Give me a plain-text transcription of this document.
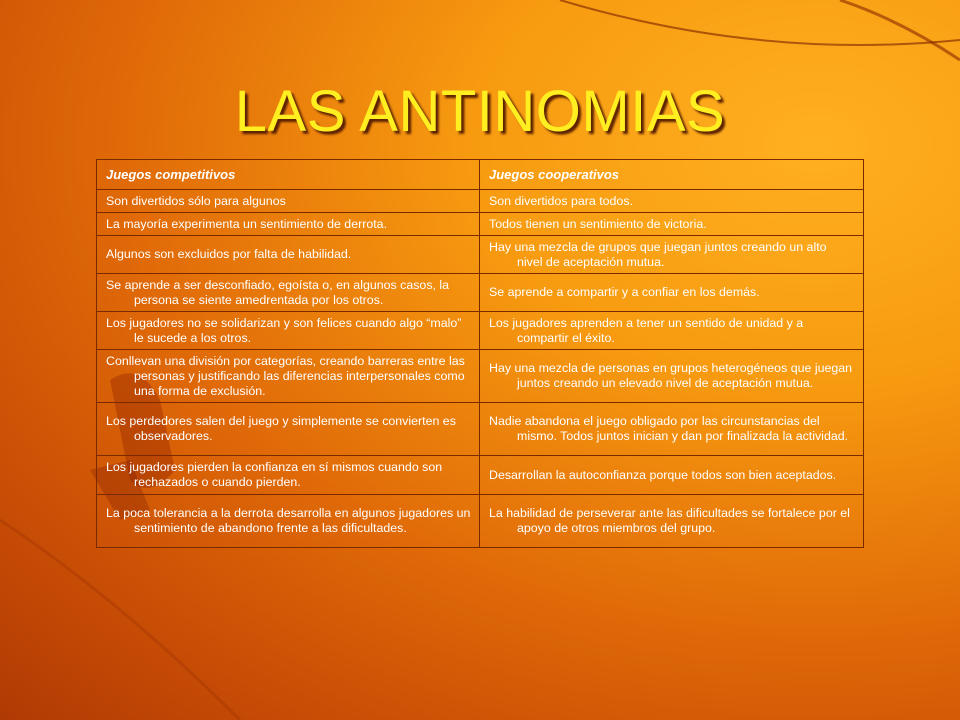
LAS ANTINOMIAS
Juegos competitivos	Juegos cooperativos

Son divertidos sólo para algunos	Son divertidos para todos.

La mayoría experimenta un sentimiento de derrota.	Todos tienen un sentimiento de victoria.

Algunos son excluidos por falta de habilidad.	Hay una mezcla de grupos que juegan juntos creando un alto nivel de aceptación mutua.

Se aprende a ser desconfiado, egoísta o, en algunos casos, la persona se siente amedrentada por los otros.	Se aprende a compartir y a confiar en los demás.

Los jugadores no se solidarizan y son felices cuando algo “malo” le sucede a los otros.	Los jugadores aprenden a tener un sentido de unidad y a compartir el éxito.

Conllevan una división por categorías, creando barreras entre las personas y justificando las diferencias interpersonales como una forma de exclusión.	Hay una mezcla de personas en grupos heterogéneos que juegan juntos creando un elevado nivel de aceptación mutua.

Los perdedores salen del juego y simplemente se convierten es observadores.	Nadie abandona el juego obligado por las circunstancias del mismo. Todos juntos inician y dan por finalizada la actividad.

Los jugadores pierden la confianza en sí mismos cuando son rechazados o cuando pierden.	Desarrollan la autoconfianza porque todos son bien aceptados.

La poca tolerancia a la derrota desarrolla en algunos jugadores un sentimiento de abandono frente a las dificultades.	La habilidad de perseverar ante las dificultades se fortalece por el apoyo de otros miembros del grupo.
